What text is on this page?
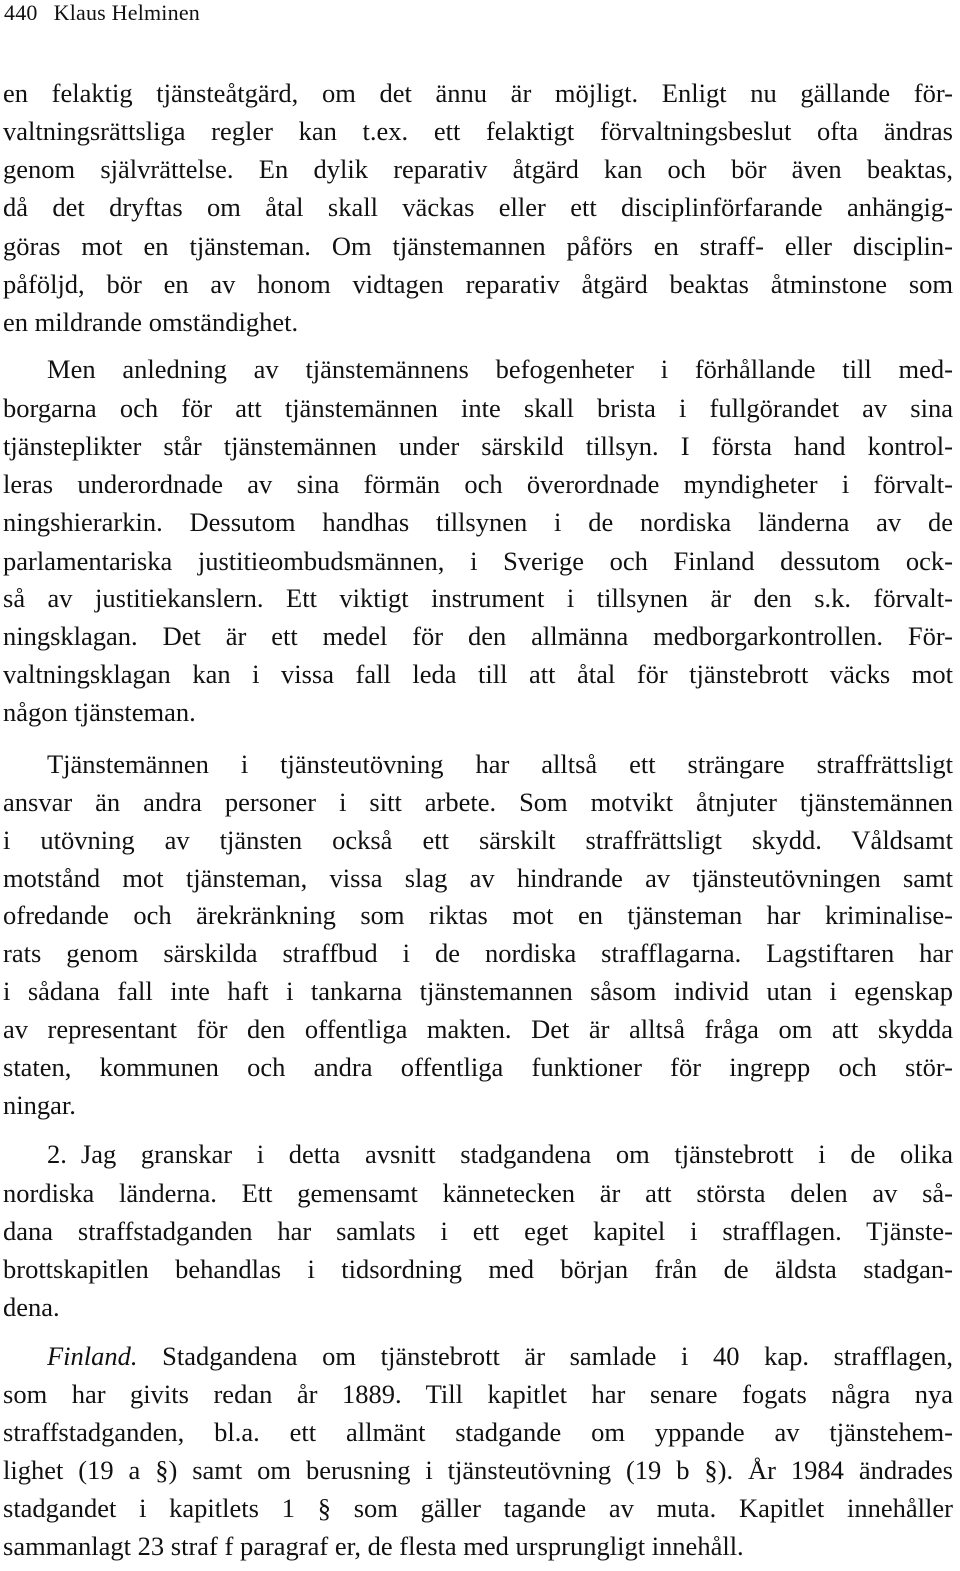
440 Klaus Helminen
en felaktig tjänsteåtgärd, om det ännu är möjligt. Enligt nu gällande för-
valtningsrättsliga regler kan t.ex. ett felaktigt förvaltningsbeslut ofta ändras
genom självrättelse. En dylik reparativ åtgärd kan och bör även beaktas,
då det dryftas om åtal skall väckas eller ett disciplinförfarande anhängig-
göras mot en tjänsteman. Om tjänstemannen påförs en straff- eller disciplin-
påföljd, bör en av honom vidtagen reparativ åtgärd beaktas åtminstone som
en mildrande omständighet.
Men anledning av tjänstemännens befogenheter i förhållande till med-
borgarna och för att tjänstemännen inte skall brista i fullgörandet av sina
tjänsteplikter står tjänstemännen under särskild tillsyn. I första hand kontrol-
leras underordnade av sina förmän och överordnade myndigheter i förvalt-
ningshierarkin. Dessutom handhas tillsynen i de nordiska länderna av de
parlamentariska justitieombudsmännen, i Sverige och Finland dessutom ock-
så av justitiekanslern. Ett viktigt instrument i tillsynen är den s.k. förvalt-
ningsklagan. Det är ett medel för den allmänna medborgarkontrollen. För-
valtningsklagan kan i vissa fall leda till att åtal för tjänstebrott väcks mot
någon tjänsteman.
Tjänstemännen i tjänsteutövning har alltså ett strängare straffrättsligt
ansvar än andra personer i sitt arbete. Som motvikt åtnjuter tjänstemännen
i utövning av tjänsten också ett särskilt straffrättsligt skydd. Våldsamt
motstånd mot tjänsteman, vissa slag av hindrande av tjänsteutövningen samt
ofredande och ärekränkning som riktas mot en tjänsteman har kriminalise-
rats genom särskilda straffbud i de nordiska strafflagarna. Lagstiftaren har
i sådana fall inte haft i tankarna tjänstemannen såsom individ utan i egenskap
av representant för den offentliga makten. Det är alltså fråga om att skydda
staten, kommunen och andra offentliga funktioner för ingrepp och stör-
ningar.
2. Jag granskar i detta avsnitt stadgandena om tjänstebrott i de olika
nordiska länderna. Ett gemensamt kännetecken är att största delen av så-
dana straffstadganden har samlats i ett eget kapitel i strafflagen. Tjänste-
brottskapitlen behandlas i tidsordning med början från de äldsta stadgan-
dena.
Finland. Stadgandena om tjänstebrott är samlade i 40 kap. strafflagen,
som har givits redan år 1889. Till kapitlet har senare fogats några nya
straffstadganden, bl.a. ett allmänt stadgande om yppande av tjänstehem-
lighet (19 a §) samt om berusning i tjänsteutövning (19 b §). År 1984 ändrades
stadgandet i kapitlets 1 § som gäller tagande av muta. Kapitlet innehåller
sammanlagt 23 straf f paragraf er, de flesta med ursprungligt innehåll.
